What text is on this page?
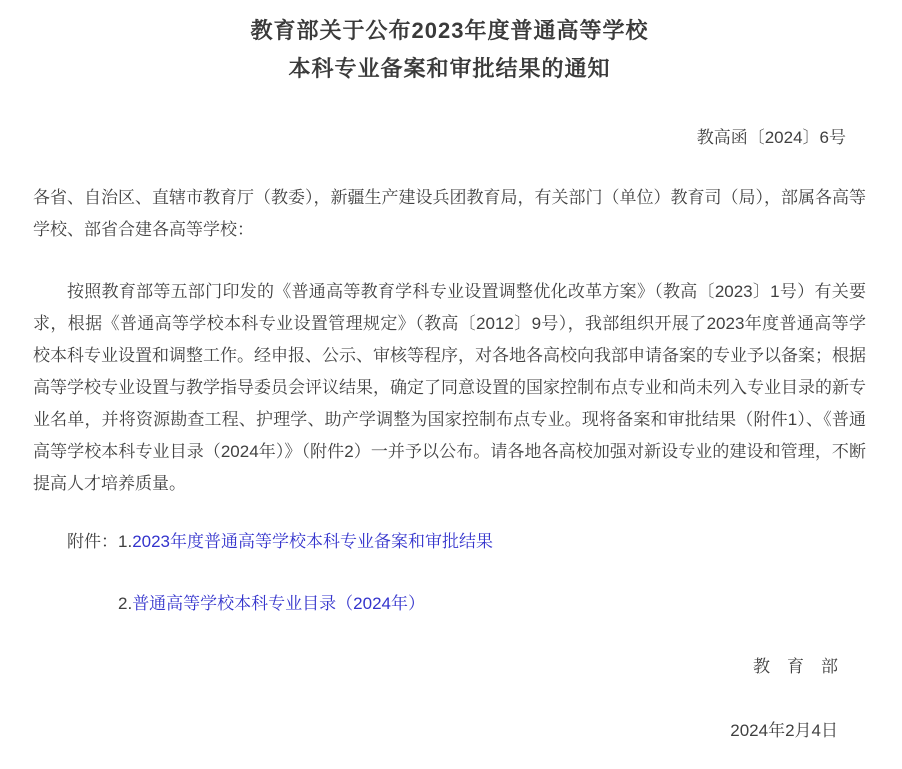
教育部关于公布2023年度普通高等学校
本科专业备案和审批结果的通知
教高函〔2024〕6号
各省、自治区、直辖市教育厅（教委），新疆生产建设兵团教育局，有关部门（单位）教育司（局），部属各高等学校、部省合建各高等学校：
按照教育部等五部门印发的《普通高等教育学科专业设置调整优化改革方案》（教高〔2023〕1号）有关要求，根据《普通高等学校本科专业设置管理规定》（教高〔2012〕9号），我部组织开展了2023年度普通高等学校本科专业设置和调整工作。经申报、公示、审核等程序，对各地各高校向我部申请备案的专业予以备案；根据高等学校专业设置与教学指导委员会评议结果，确定了同意设置的国家控制布点专业和尚未列入专业目录的新专业名单，并将资源勘查工程、护理学、助产学调整为国家控制布点专业。现将备案和审批结果（附件1）、《普通高等学校本科专业目录（2024年）》（附件2）一并予以公布。请各地各高校加强对新设专业的建设和管理，不断提高人才培养质量。
附件：1.2023年度普通高等学校本科专业备案和审批结果
2.普通高等学校本科专业目录（2024年）
教　育　部
2024年2月4日
